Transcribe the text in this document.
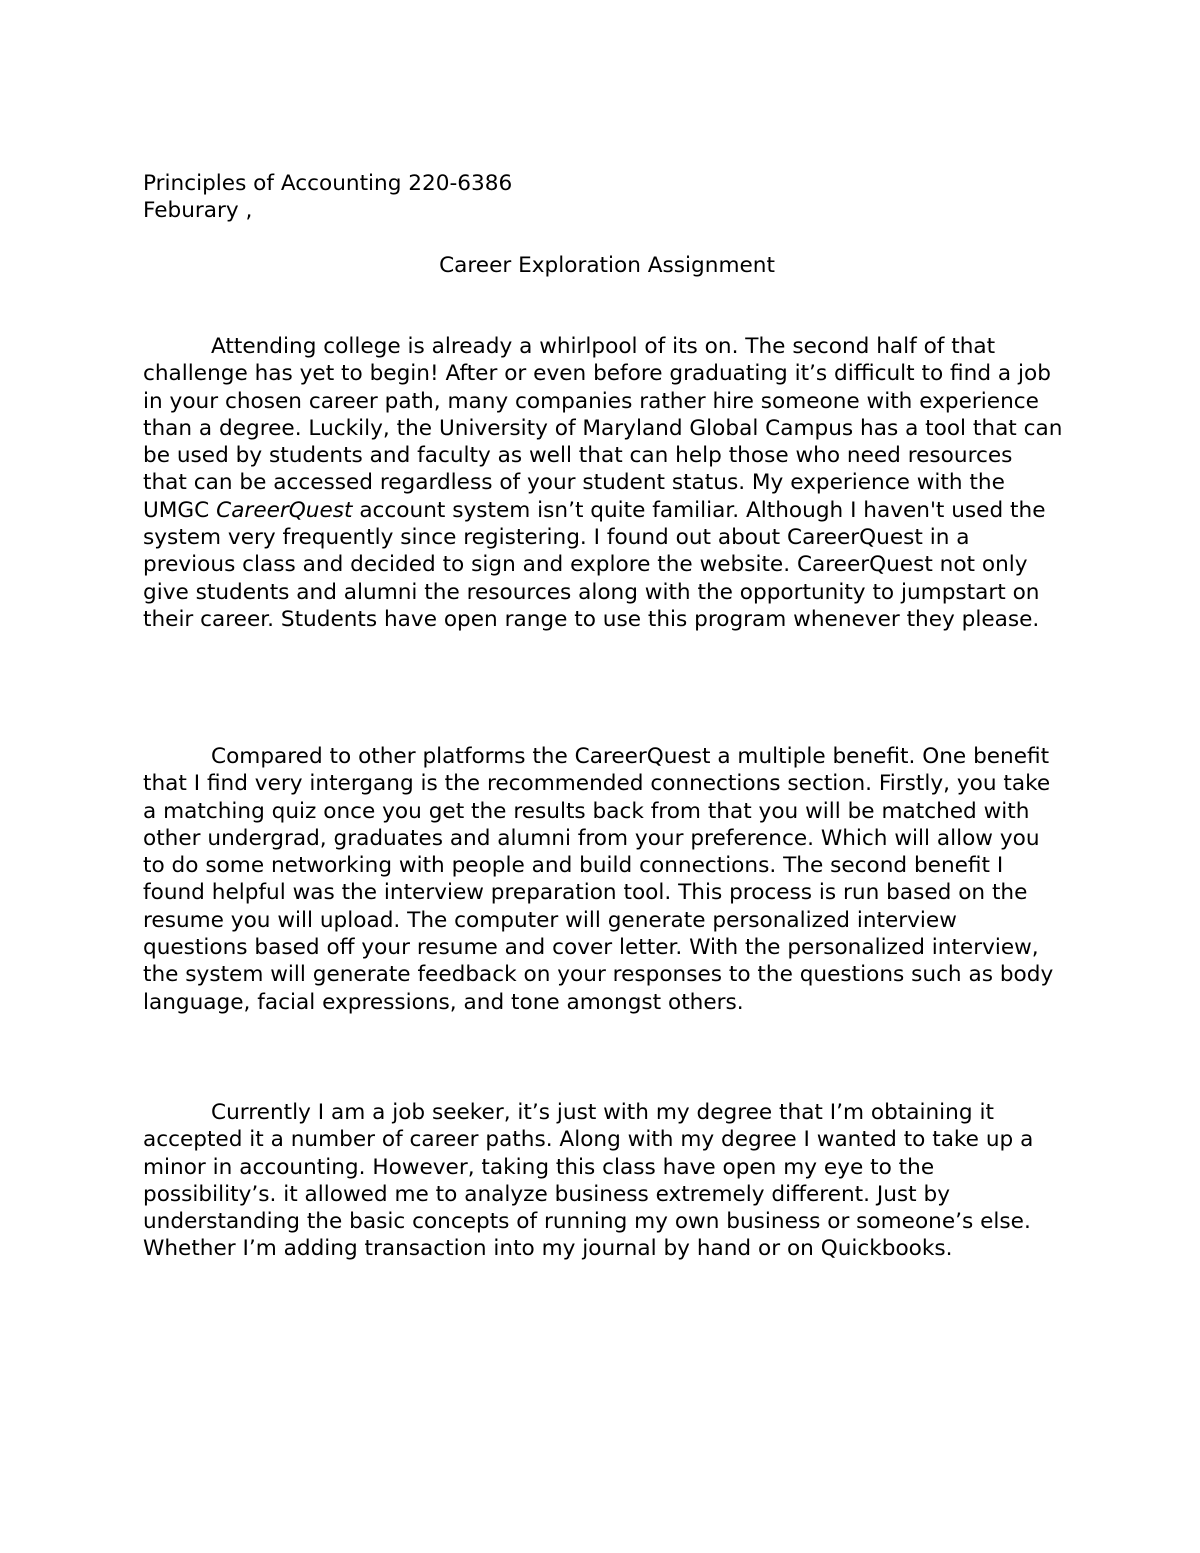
Principles of Accounting 220-6386
Feburary ,
Career Exploration Assignment

Attending college is already a whirlpool of its on. The second half of that challenge has yet to begin! After or even before graduating it’s difficult to find a job in your chosen career path, many companies rather hire someone with experience than a degree. Luckily, the University of Maryland Global Campus has a tool that can be used by students and faculty as well that can help those who need resources that can be accessed regardless of your student status. My experience with the UMGC CareerQuest account system isn’t quite familiar. Although I haven't used the system very frequently since registering. I found out about CareerQuest in a previous class and decided to sign and explore the website. CareerQuest not only give students and alumni the resources along with the opportunity to jumpstart on their career. Students have open range to use this program whenever they please.

Compared to other platforms the CareerQuest a multiple benefit. One benefit that I find very intergang is the recommended connections section. Firstly, you take a matching quiz once you get the results back from that you will be matched with other undergrad, graduates and alumni from your preference. Which will allow you to do some networking with people and build connections. The second benefit I found helpful was the interview preparation tool. This process is run based on the resume you will upload. The computer will generate personalized interview questions based off your resume and cover letter. With the personalized interview, the system will generate feedback on your responses to the questions such as body language, facial expressions, and tone amongst others.

Currently I am a job seeker, it’s just with my degree that I’m obtaining it accepted it a number of career paths. Along with my degree I wanted to take up a minor in accounting. However, taking this class have open my eye to the possibility’s. it allowed me to analyze business extremely different. Just by understanding the basic concepts of running my own business or someone’s else. Whether I’m adding transaction into my journal by hand or on Quickbooks.
